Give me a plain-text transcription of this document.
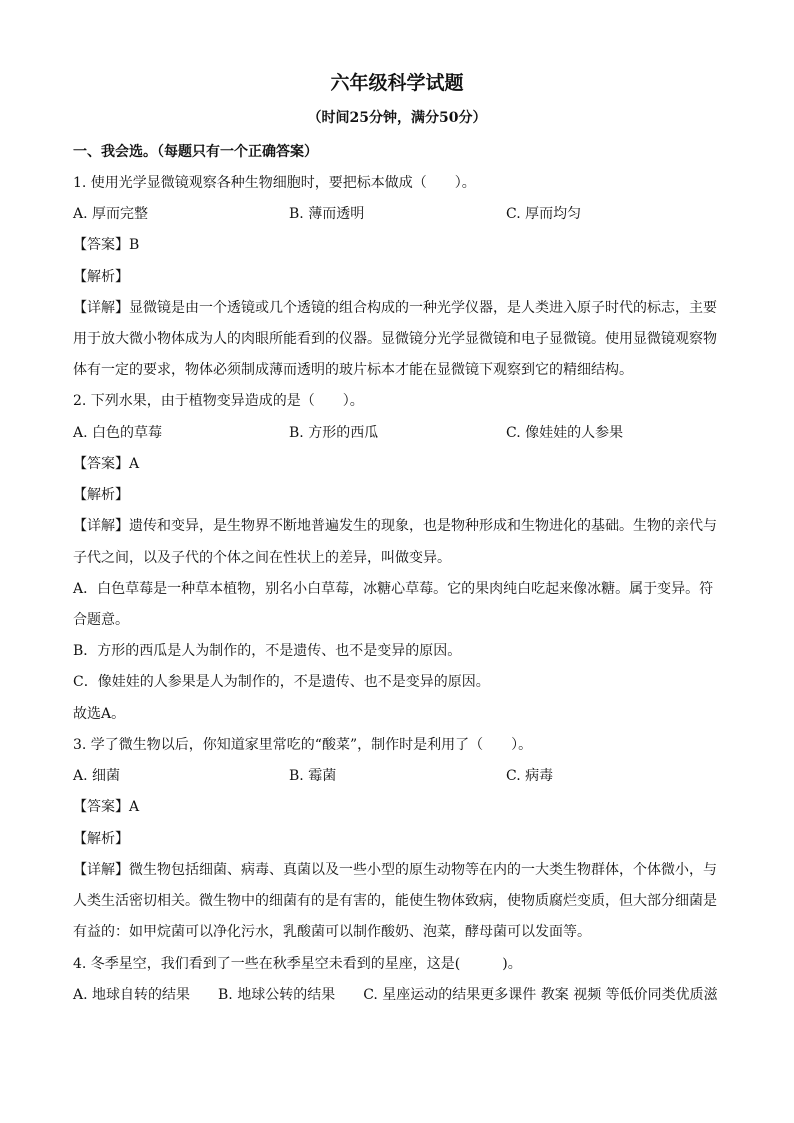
六年级科学试题
（时间25分钟，满分50分）
一、我会选。（每题只有一个正确答案）
1. 使用光学显微镜观察各种生物细胞时，要把标本做成（　　）。
A. 厚而完整	B. 薄而透明	C. 厚而均匀
【答案】B
【解析】
【详解】显微镜是由一个透镜或几个透镜的组合构成的一种光学仪器，是人类进入原子时代的标志，主要
用于放大微小物体成为人的肉眼所能看到的仪器。显微镜分光学显微镜和电子显微镜。使用显微镜观察物
体有一定的要求，物体必须制成薄而透明的玻片标本才能在显微镜下观察到它的精细结构。
2. 下列水果，由于植物变异造成的是（　　）。
A. 白色的草莓	B. 方形的西瓜	C. 像娃娃的人参果
【答案】A
【解析】
【详解】遗传和变异，是生物界不断地普遍发生的现象，也是物种形成和生物进化的基础。生物的亲代与
子代之间，以及子代的个体之间在性状上的差异，叫做变异。
A．白色草莓是一种草本植物，别名小白草莓，冰糖心草莓。它的果肉纯白吃起来像冰糖。属于变异。符
合题意。
B．方形的西瓜是人为制作的，不是遗传、也不是变异的原因。
C．像娃娃的人参果是人为制作的，不是遗传、也不是变异的原因。
故选A。
3. 学了微生物以后，你知道家里常吃的“酸菜”，制作时是利用了（　　）。
A. 细菌	B. 霉菌	C. 病毒
【答案】A
【解析】
【详解】微生物包括细菌、病毒、真菌以及一些小型的原生动物等在内的一大类生物群体，个体微小，与
人类生活密切相关。微生物中的细菌有的是有害的，能使生物体致病，使物质腐烂变质，但大部分细菌是
有益的：如甲烷菌可以净化污水，乳酸菌可以制作酸奶、泡菜，酵母菌可以发面等。
4. 冬季星空，我们看到了一些在秋季星空未看到的星座，这是(　　　)。
A. 地球自转的结果　　B. 地球公转的结果　　C. 星座运动的结果更多课件 教案 视频 等低价同类优质滋
